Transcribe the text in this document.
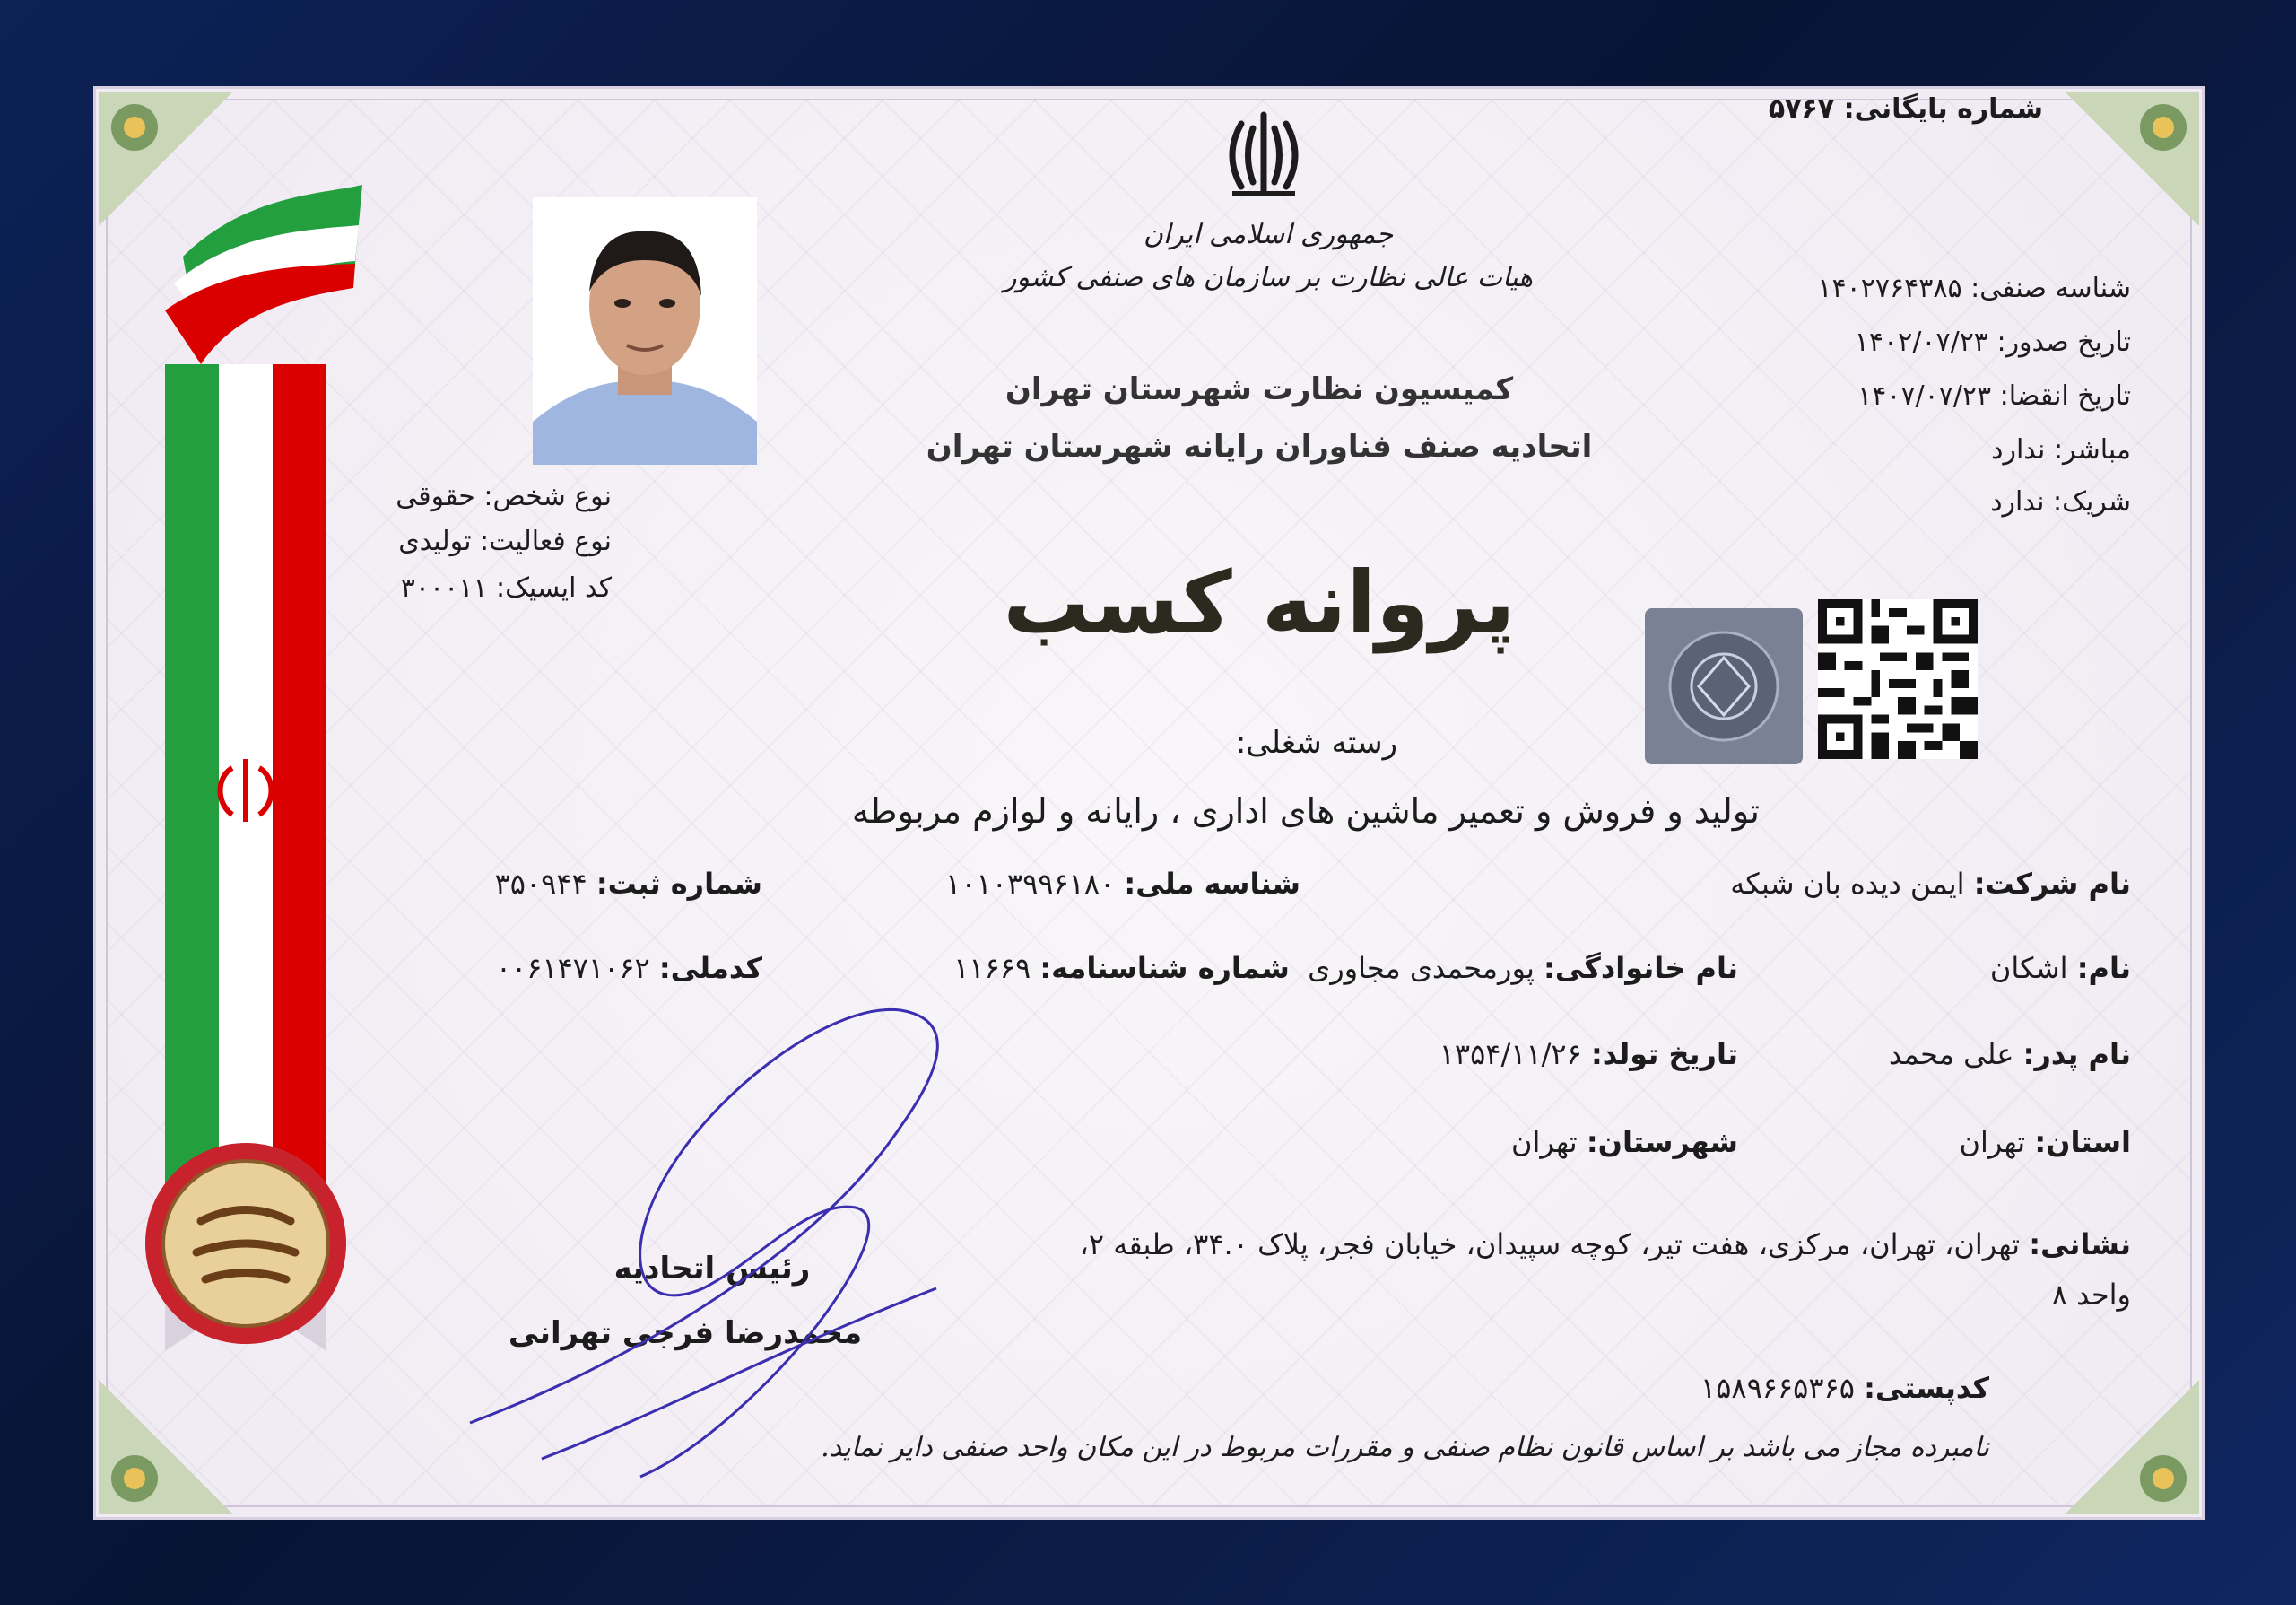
شماره بایگانی: ۵۷۶۷
جمهوری اسلامی ایران
هیات عالی نظارت بر سازمان های صنفی کشور
کمیسیون نظارت شهرستان تهران
اتحادیه صنف فناوران رایانه شهرستان تهران
پروانه کسب
نوع شخص: حقوقی
نوع فعالیت: تولیدی
کد ایسیک: ۳۰۰۰۱۱
شناسه صنفی: ۱۴۰۲۷۶۴۳۸۵
تاریخ صدور: ۱۴۰۲/۰۷/۲۳
تاریخ انقضا: ۱۴۰۷/۰۷/۲۳
مباشر: ندارد
شریک: ندارد
رسته شغلی:
تولید و فروش و تعمیر ماشین های اداری ، رایانه و لوازم مربوطه
نام شرکت: ایمن دیده بان شبکه
شناسه ملی: ۱۰۱۰۳۹۹۶۱۸۰
شماره ثبت: ۳۵۰۹۴۴
نام: اشکان
نام خانوادگی: پورمحمدی مجاوری  شماره شناسنامه: ۱۱۶۶۹
کدملی: ۰۰۶۱۴۷۱۰۶۲
نام پدر: علی محمد
تاریخ تولد: ۱۳۵۴/۱۱/۲۶
استان: تهران
شهرستان: تهران
نشانی: تهران، تهران، مرکزی، هفت تیر، کوچه سپیدان، خیابان فجر، پلاک ۳۴.۰، طبقه ۲،
واحد ۸
کدپستی: ۱۵۸۹۶۶۵۳۶۵
رئیس اتحادیه
محمدرضا فرجی تهرانی
نامبرده مجاز می باشد بر اساس قانون نظام صنفی و مقررات مربوط در این مکان واحد صنفی دایر نماید.
